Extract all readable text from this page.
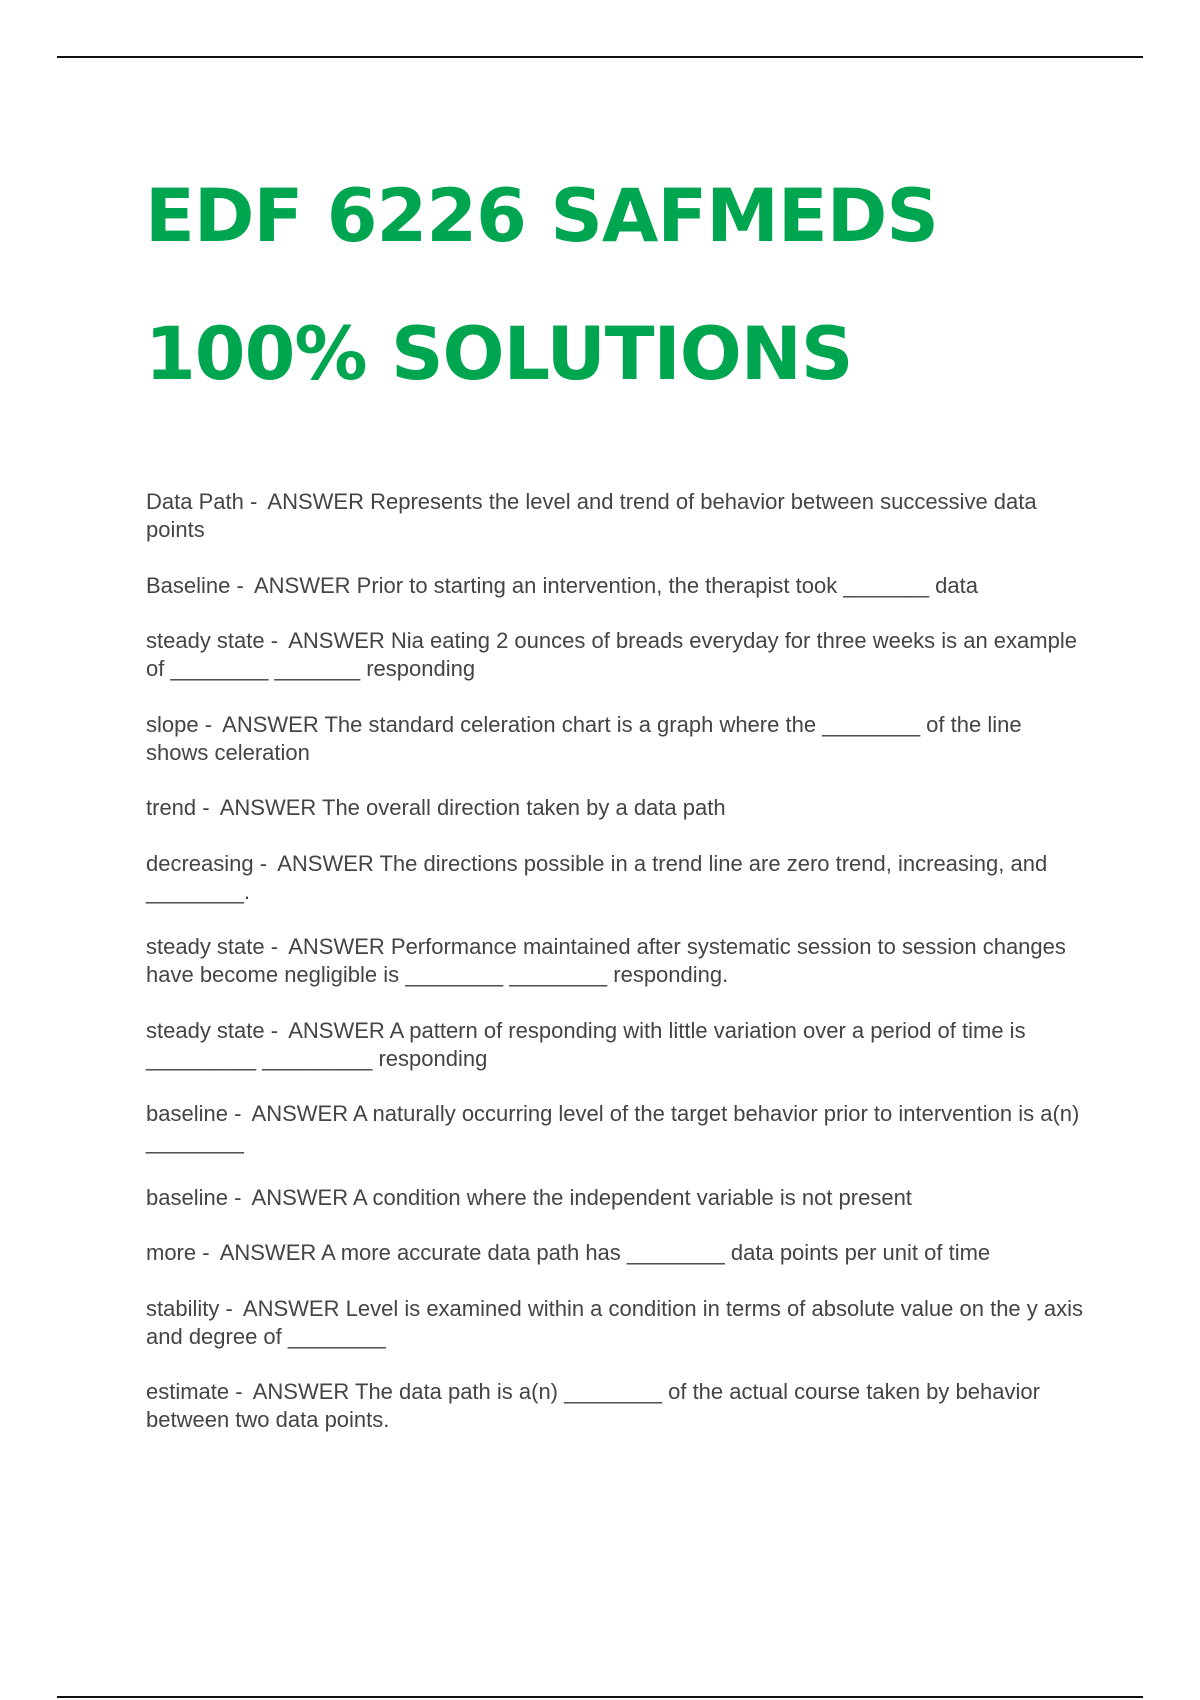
EDF 6226 SAFMEDS
100% SOLUTIONS
Data Path - ANSWER Represents the level and trend of behavior between successive data points
Baseline - ANSWER Prior to starting an intervention, the therapist took _______ data
steady state - ANSWER Nia eating 2 ounces of breads everyday for three weeks is an example of ________ _______ responding
slope - ANSWER The standard celeration chart is a graph where the ________ of the line shows celeration
trend - ANSWER The overall direction taken by a data path
decreasing - ANSWER The directions possible in a trend line are zero trend, increasing, and ________.
steady state - ANSWER Performance maintained after systematic session to session changes have become negligible is ________ ________ responding.
steady state - ANSWER A pattern of responding with little variation over a period of time is _________ _________ responding
baseline - ANSWER A naturally occurring level of the target behavior prior to intervention is a(n) ________
baseline - ANSWER A condition where the independent variable is not present
more - ANSWER A more accurate data path has ________ data points per unit of time
stability - ANSWER Level is examined within a condition in terms of absolute value on the y axis and degree of ________
estimate - ANSWER The data path is a(n) ________ of the actual course taken by behavior between two data points.
